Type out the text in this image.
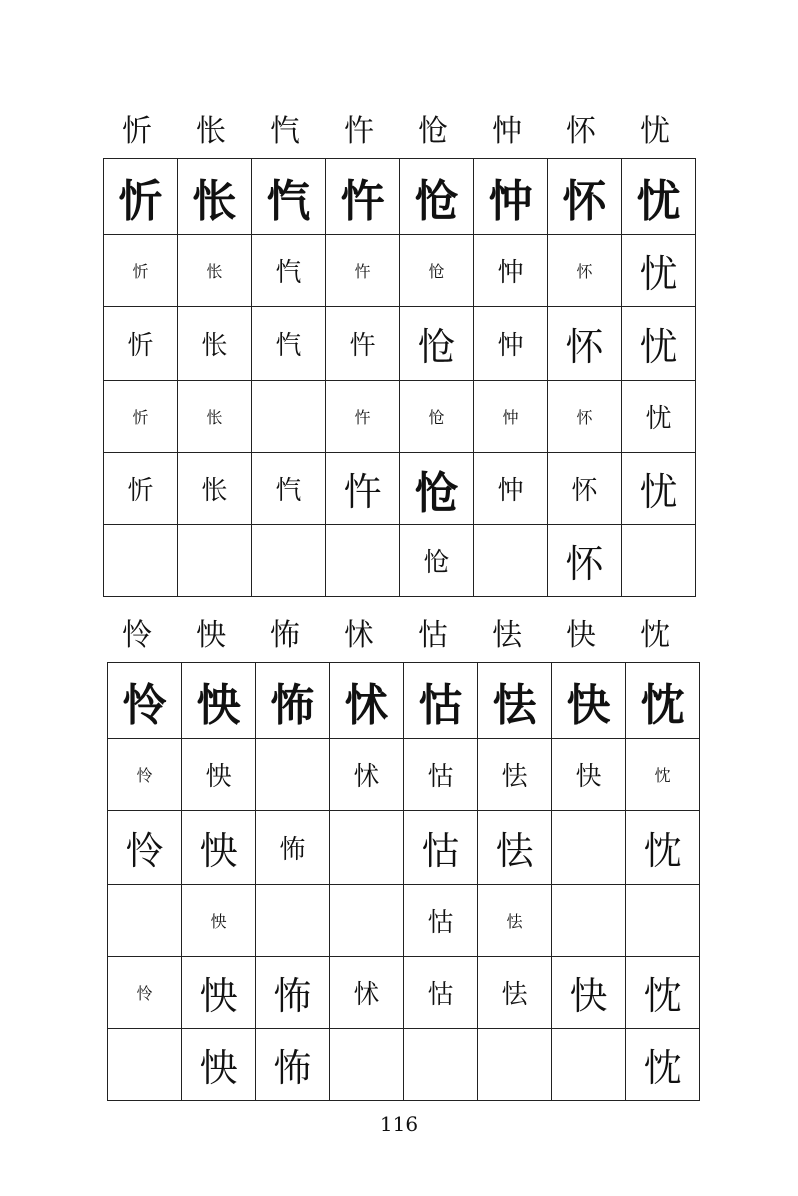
忻	怅	忾	忤	怆	忡	怀	忧
忻	怅	忾	忤	怆	忡	怀	忧
忻	怅	忾	忤	怆	忡	怀	忧
忻	怅	忾	忤	怆	忡	怀	忧
忻	怅		忤	怆	忡	怀	忧
忻	怅	忾	忤	怆	忡	怀	忧
				怆		怀	
怜	怏	怖	怵	怙	怯	快	忱
怜	怏	怖	怵	怙	怯	快	忱
怜	怏		怵	怙	怯	快	忱
怜	怏	怖		怙	怯		忱
	怏			怙	怯		
怜	怏	怖	怵	怙	怯	快	忱
	怏	怖					忱
116
